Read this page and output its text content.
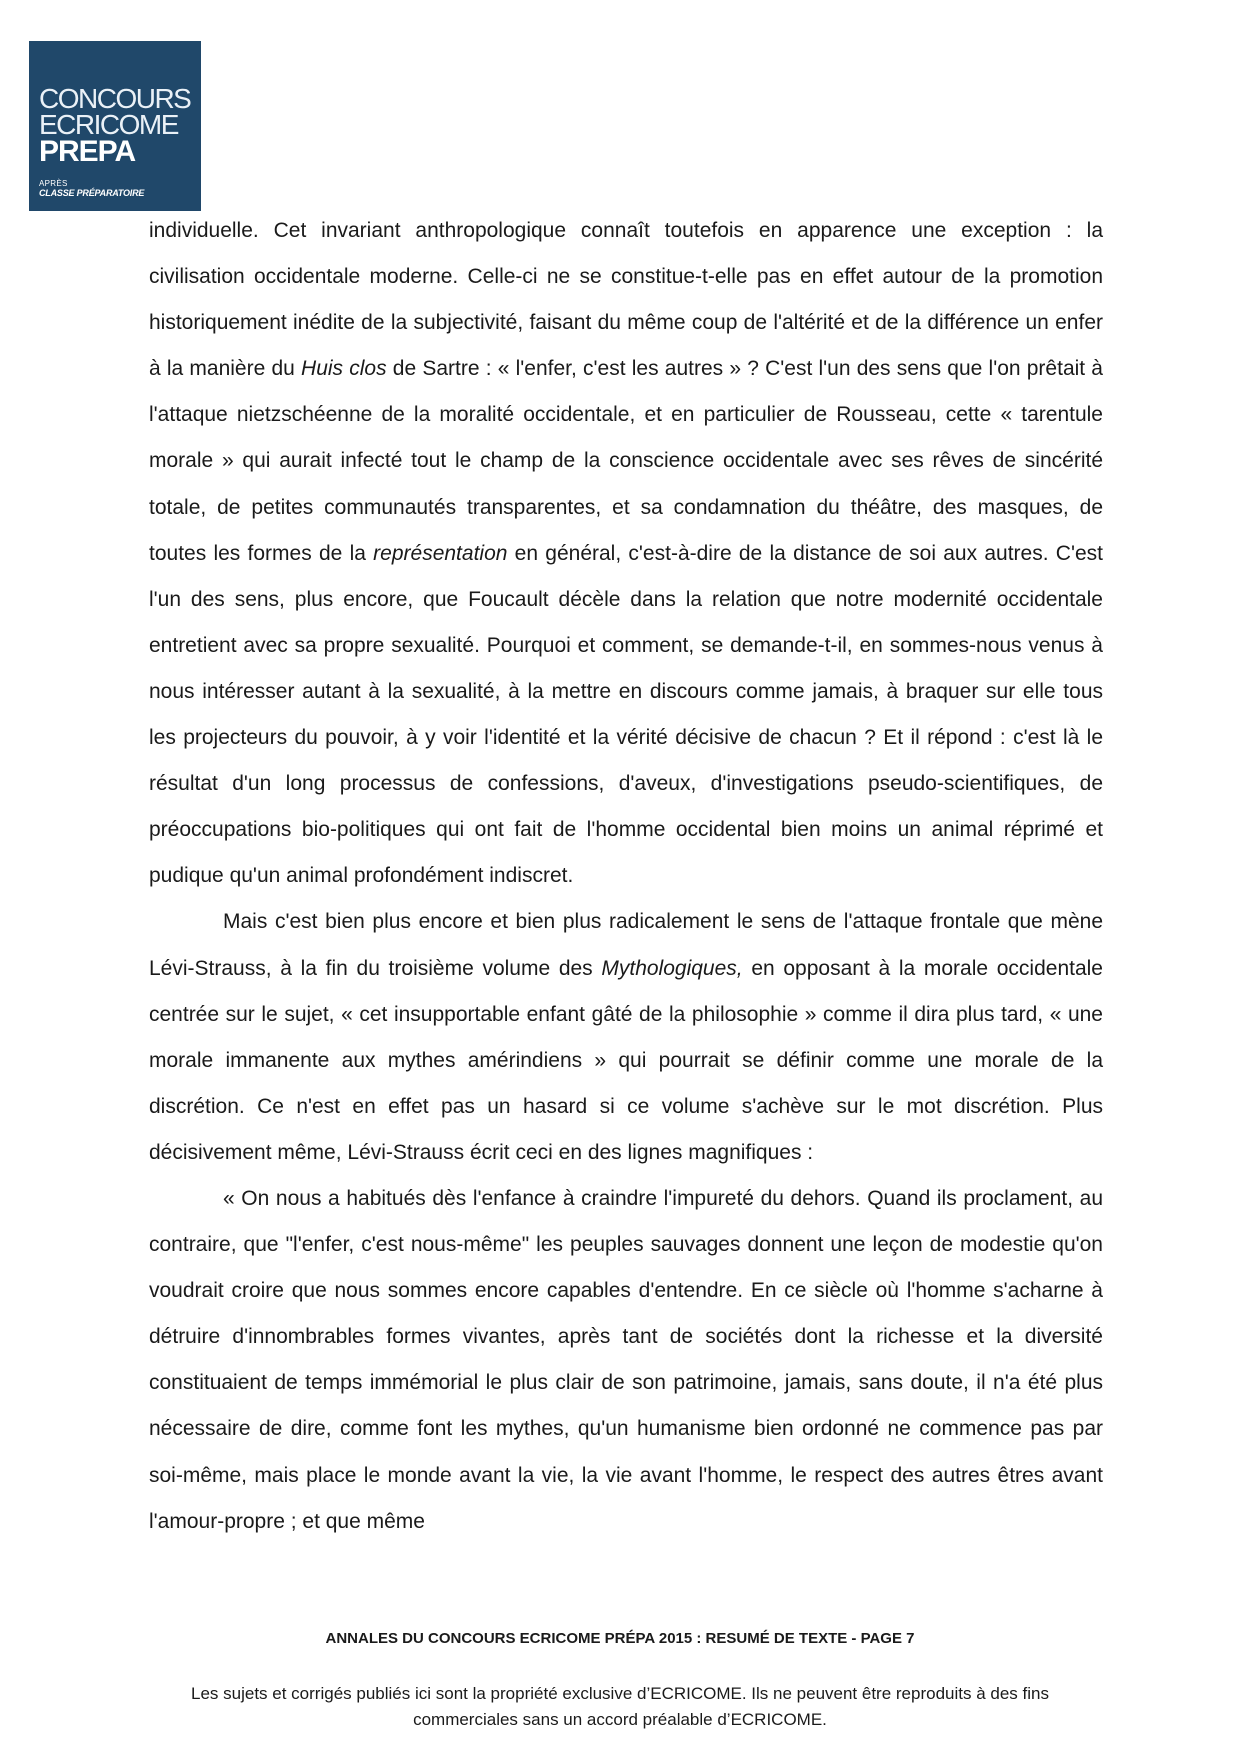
CONCOURS
ECRICOME
PREPA
APRÈS
CLASSE PRÉPARATOIRE

individuelle. Cet invariant anthropologique connaît toutefois en apparence une exception : la civilisation occidentale moderne. Celle-ci ne se constitue-t-elle pas en effet autour de la promotion historiquement inédite de la subjectivité, faisant du même coup de l'altérité et de la différence un enfer à la manière du Huis clos de Sartre : « l'enfer, c'est les autres » ? C'est l'un des sens que l'on prêtait à l'attaque nietzschéenne de la moralité occidentale, et en particulier de Rousseau, cette « tarentule morale » qui aurait infecté tout le champ de la conscience occidentale avec ses rêves de sincérité totale, de petites communautés transparentes, et sa condamnation du théâtre, des masques, de toutes les formes de la représentation en général, c'est-à-dire de la distance de soi aux autres. C'est l'un des sens, plus encore, que Foucault décèle dans la relation que notre modernité occidentale entretient avec sa propre sexualité. Pourquoi et comment, se demande-t-il, en sommes-nous venus à nous intéresser autant à la sexualité, à la mettre en discours comme jamais, à braquer sur elle tous les projecteurs du pouvoir, à y voir l'identité et la vérité décisive de chacun ? Et il répond : c'est là le résultat d'un long processus de confessions, d'aveux, d'investigations pseudo-scientifiques, de préoccupations bio-politiques qui ont fait de l'homme occidental bien moins un animal réprimé et pudique qu'un animal profondément indiscret.

Mais c'est bien plus encore et bien plus radicalement le sens de l'attaque frontale que mène Lévi-Strauss, à la fin du troisième volume des Mythologiques, en opposant à la morale occidentale centrée sur le sujet, « cet insupportable enfant gâté de la philosophie » comme il dira plus tard, « une morale immanente aux mythes amérindiens » qui pourrait se définir comme une morale de la discrétion. Ce n'est en effet pas un hasard si ce volume s'achève sur le mot discrétion. Plus décisivement même, Lévi-Strauss écrit ceci en des lignes magnifiques :

« On nous a habitués dès l'enfance à craindre l'impureté du dehors. Quand ils proclament, au contraire, que "l'enfer, c'est nous-même" les peuples sauvages donnent une leçon de modestie qu'on voudrait croire que nous sommes encore capables d'entendre. En ce siècle où l'homme s'acharne à détruire d'innombrables formes vivantes, après tant de sociétés dont la richesse et la diversité constituaient de temps immémorial le plus clair de son patrimoine, jamais, sans doute, il n'a été plus nécessaire de dire, comme font les mythes, qu'un humanisme bien ordonné ne commence pas par soi-même, mais place le monde avant la vie, la vie avant l'homme, le respect des autres êtres avant l'amour-propre ; et que même

ANNALES DU CONCOURS ECRICOME PRÉPA 2015 : RESUMÉ DE TEXTE - PAGE 7
Les sujets et corrigés publiés ici sont la propriété exclusive d’ECRICOME. Ils ne peuvent être reproduits à des fins commerciales sans un accord préalable d’ECRICOME.
